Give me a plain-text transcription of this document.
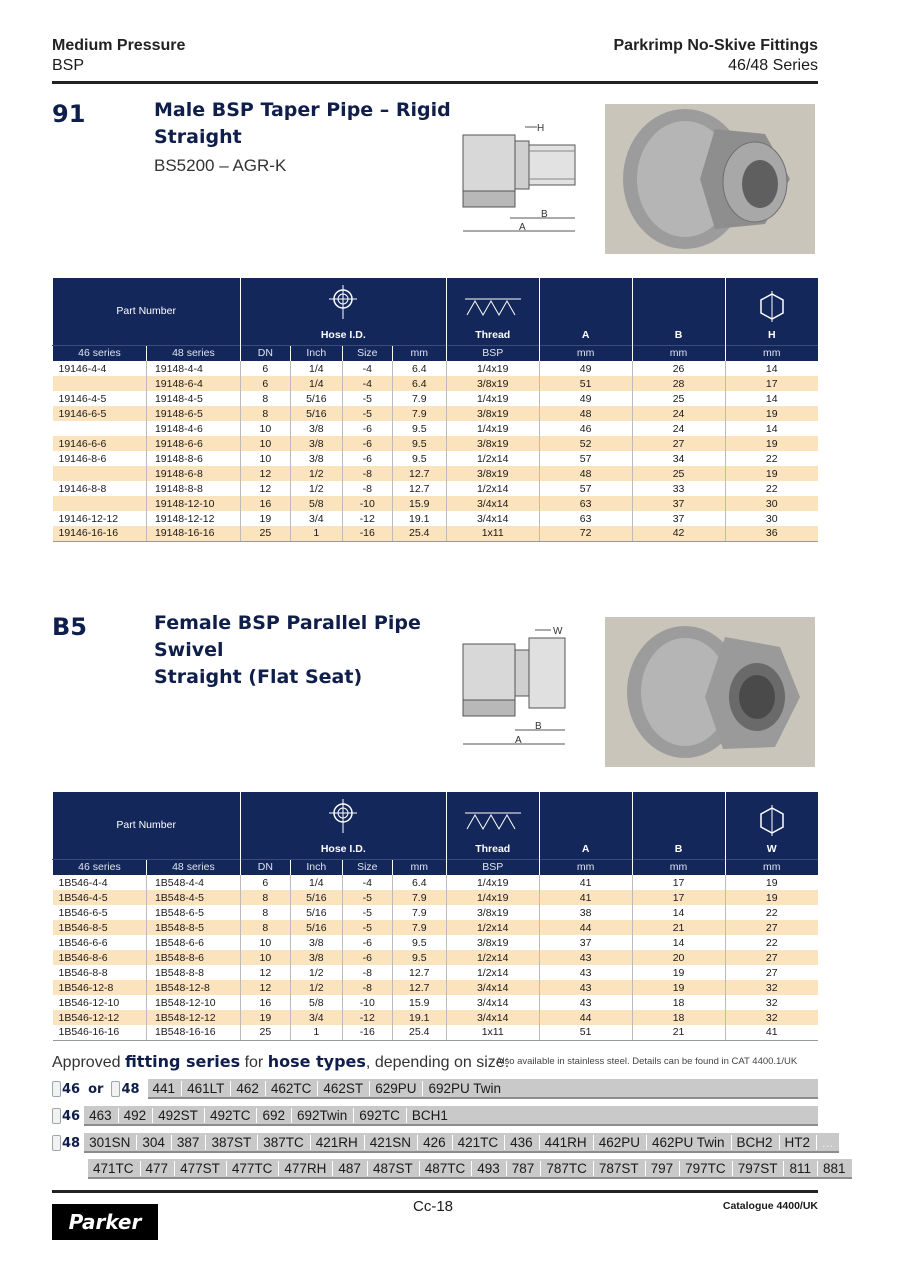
Medium Pressure
BSP
Parkrimp No-Skive Fittings
46/48 Series
91	Male BSP Taper Pipe – Rigid
Straight
BS5200 – AGR-K
H
B
A
Part Number					
		Hose I.D.				Thread	A	B	H
46 series	48 series	DN	Inch	Size	mm	BSP	mm	mm	mm
19146-4-4	19148-4-4	6	1/4	-4	6.4	1/4x19	49	26	14
	19148-6-4	6	1/4	-4	6.4	3/8x19	51	28	17
19146-4-5	19148-4-5	8	5/16	-5	7.9	1/4x19	49	25	14
19146-6-5	19148-6-5	8	5/16	-5	7.9	3/8x19	48	24	19
	19148-4-6	10	3/8	-6	9.5	1/4x19	46	24	14
19146-6-6	19148-6-6	10	3/8	-6	9.5	3/8x19	52	27	19
19146-8-6	19148-8-6	10	3/8	-6	9.5	1/2x14	57	34	22
	19148-6-8	12	1/2	-8	12.7	3/8x19	48	25	19
19146-8-8	19148-8-8	12	1/2	-8	12.7	1/2x14	57	33	22
	19148-12-10	16	5/8	-10	15.9	3/4x14	63	37	30
19146-12-12	19148-12-12	19	3/4	-12	19.1	3/4x14	63	37	30
19146-16-16	19148-16-16	25	1	-16	25.4	1x11	72	42	36
B5	Female BSP Parallel Pipe
Swivel
Straight (Flat Seat)
W
B
A
Part Number					
		Hose I.D.				Thread	A	B	W
46 series	48 series	DN	Inch	Size	mm	BSP	mm	mm	mm
1B546-4-4	1B548-4-4	6	1/4	-4	6.4	1/4x19	41	17	19
1B546-4-5	1B548-4-5	8	5/16	-5	7.9	1/4x19	41	17	19
1B546-6-5	1B548-6-5	8	5/16	-5	7.9	3/8x19	38	14	22
1B546-8-5	1B548-8-5	8	5/16	-5	7.9	1/2x14	44	21	27
1B546-6-6	1B548-6-6	10	3/8	-6	9.5	3/8x19	37	14	22
1B546-8-6	1B548-8-6	10	3/8	-6	9.5	1/2x14	43	20	27
1B546-8-8	1B548-8-8	12	1/2	-8	12.7	1/2x14	43	19	27
1B546-12-8	1B548-12-8	12	1/2	-8	12.7	3/4x14	43	19	32
1B546-12-10	1B548-12-10	16	5/8	-10	15.9	3/4x14	43	18	32
1B546-12-12	1B548-12-12	19	3/4	-12	19.1	3/4x14	44	18	32
1B546-16-16	1B548-16-16	25	1	-16	25.4	1x11	51	21	41
Approved fitting series for hose types, depending on size:
Also available in stainless steel. Details can be found in CAT 4400.1/UK
46 or 48 441 461LT 462 462TC 462ST 629PU 692PU Twin
46 463 492 492ST 492TC 692 692Twin 692TC BCH1
48 301SN 304 387 387ST 387TC 421RH 421SN 426 421TC 436 441RH 462PU 462PU Twin BCH2 HT2 ...
471TC 477 477ST 477TC 477RH 487 487ST 487TC 493 787 787TC 787ST 797 797TC 797ST 811 881
Parker
Cc-18	Catalogue 4400/UK
